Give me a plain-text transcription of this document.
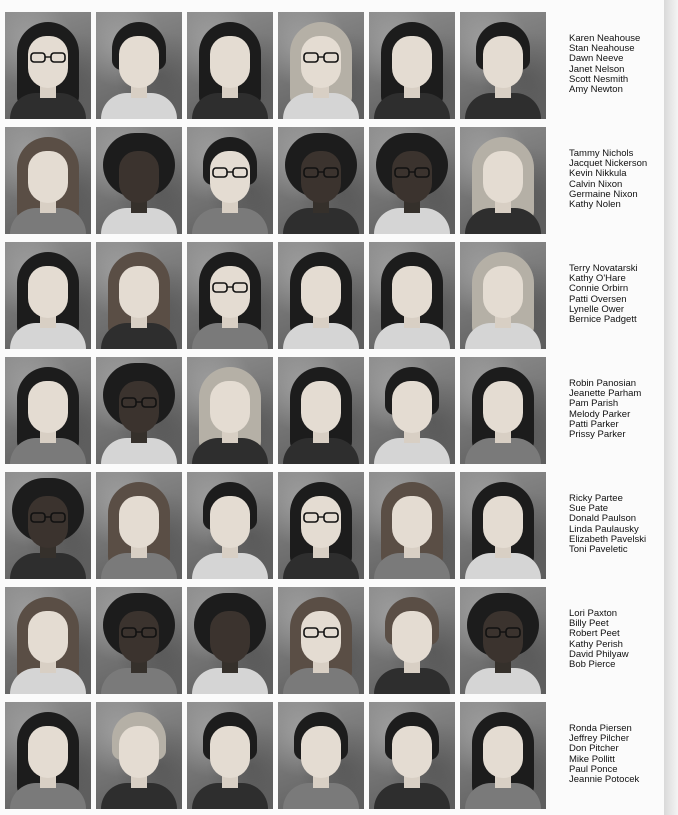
Karen Neahouse
Stan Neahouse
Dawn Neeve
Janet Nelson
Scott Nesmith
Amy Newton
Tammy Nichols
Jacquet Nickerson
Kevin Nikkula
Calvin Nixon
Germaine Nixon
Kathy Nolen
Terry Novatarski
Kathy O'Hare
Connie Orbirn
Patti Oversen
Lynelle Ower
Bernice Padgett
Robin Panosian
Jeanette Parham
Pam Parish
Melody Parker
Patti Parker
Prissy Parker
Ricky Partee
Sue Pate
Donald Paulson
Linda Paulausky
Elizabeth Pavelski
Toni Paveletic
Lori Paxton
Billy Peet
Robert Peet
Kathy Perish
David Philyaw
Bob Pierce
Ronda Piersen
Jeffrey Pilcher
Don Pitcher
Mike Pollitt
Paul Ponce
Jeannie Potocek
